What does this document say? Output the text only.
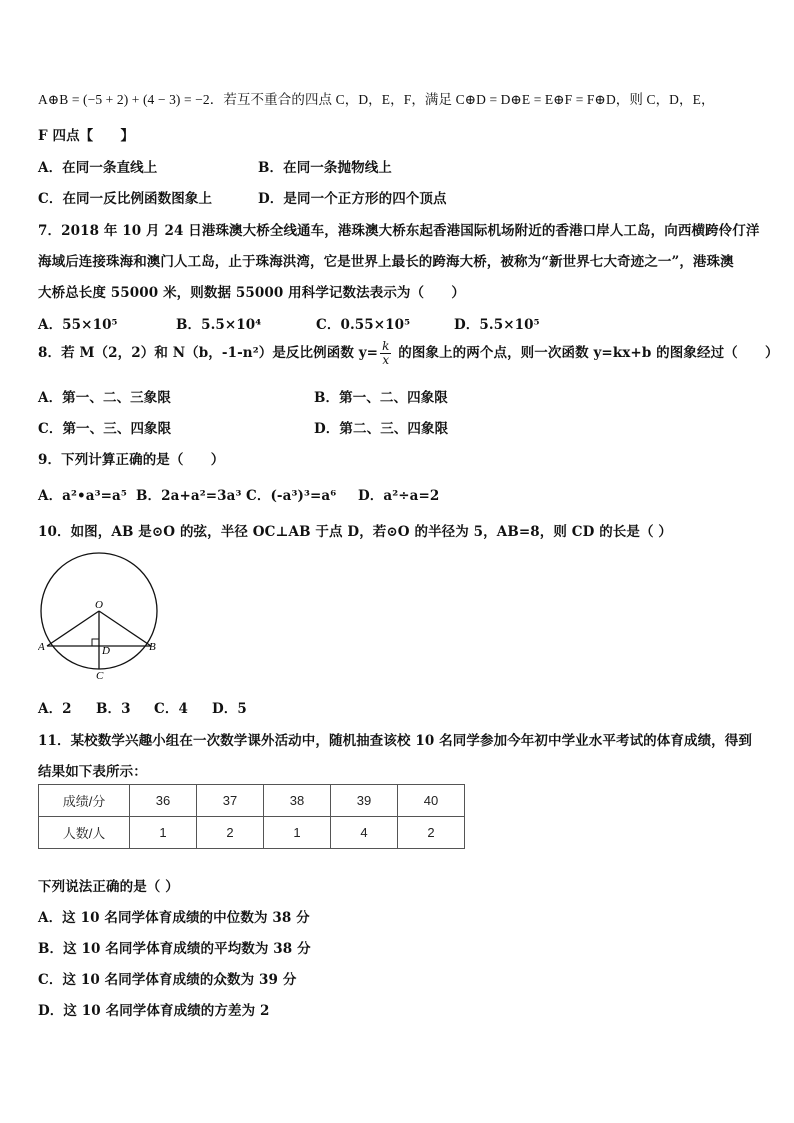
A⊕B = (−5 + 2) + (4 − 3) = −2．若互不重合的四点 C，D，E，F，满足 C⊕D = D⊕E = E⊕F = F⊕D，则 C，D，E，
F 四点【　　】
A．在同一条直线上	B．在同一条抛物线上
C．在同一反比例函数图象上	D．是同一个正方形的四个顶点
7．2018 年 10 月 24 日港珠澳大桥全线通车，港珠澳大桥东起香港国际机场附近的香港口岸人工岛，向西横跨伶仃洋
海域后连接珠海和澳门人工岛，止于珠海洪湾，它是世界上最长的跨海大桥，被称为“新世界七大奇迹之一”，港珠澳
大桥总长度 55000 米，则数据 55000 用科学记数法表示为（　　）
A．55×10⁵	B．5.5×10⁴	C．0.55×10⁵	D．5.5×10⁵
8．若 M（2，2）和 N（b，-1-n²）是反比例函数 $y= \frac{k}{x}$ 的图象上的两个点，则一次函数 y=kx+b 的图象经过（　　）
A．第一、二、三象限	B．第一、二、四象限
C．第一、三、四象限	D．第二、三、四象限
9．下列计算正确的是（　　）
A．a²•a³=a⁵ B．2a+a²=3a³ C．(-a³)³=a⁶ D．a²÷a=2
10．如图，AB 是⊙O 的弦，半径 OC⊥AB 于点 D，若⊙O 的半径为 5，AB=8，则 CD 的长是（ ）
O
A	B
D
C
A．2 B．3 C．4 D．5
11．某校数学兴趣小组在一次数学课外活动中，随机抽查该校 10 名同学参加今年初中学业水平考试的体育成绩，得到
结果如下表所示：
成绩/分	36	37	38	39	40
人数/人	1	2	1	4	2
下列说法正确的是（ ）
A．这 10 名同学体育成绩的中位数为 38 分
B．这 10 名同学体育成绩的平均数为 38 分
C．这 10 名同学体育成绩的众数为 39 分
D．这 10 名同学体育成绩的方差为 2
